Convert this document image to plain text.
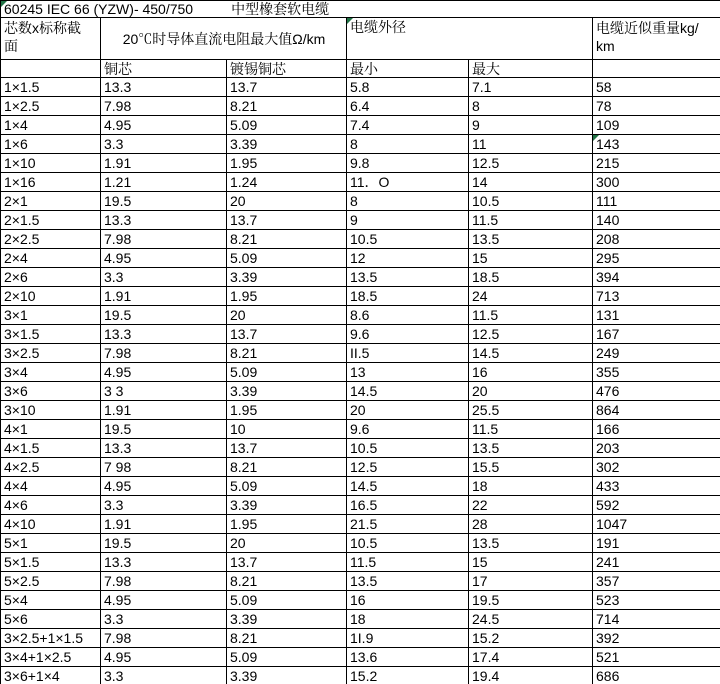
60245 IEC 66 (YZW)- 450/750 中型橡套软电缆					
芯数x标称截面	20℃时导体直流电阻最大值Ω/km		电缆外径		电缆近似重量kg/km
	铜芯	镀锡铜芯	最小	最大	
1×1.5	13.3	13.7	5.8	7.1	58
1×2.5	7.98	8.21	6.4	8	78
1×4	4.95	5.09	7.4	9	109
1×6	3.3	3.39	8	11	143
1×10	1.91	1.95	9.8	12.5	215
1×16	1.21	1.24	11．O	14	300
2×1	19.5	20	8	10.5	111
2×1.5	13.3	13.7	9	11.5	140
2×2.5	7.98	8.21	10.5	13.5	208
2×4	4.95	5.09	12	15	295
2×6	3.3	3.39	13.5	18.5	394
2×10	1.91	1.95	18.5	24	713
3×1	19.5	20	8.6	11.5	131
3×1.5	13.3	13.7	9.6	12.5	167
3×2.5	7.98	8.21	II.5	14.5	249
3×4	4.95	5.09	13	16	355
3×6	3 3	3.39	14.5	20	476
3×10	1.91	1.95	20	25.5	864
4×1	19.5	10	9.6	11.5	166
4×1.5	13.3	13.7	10.5	13.5	203
4×2.5	7 98	8.21	12.5	15.5	302
4×4	4.95	5.09	14.5	18	433
4×6	3.3	3.39	16.5	22	592
4×10	1.91	1.95	21.5	28	1047
5×1	19.5	20	10.5	13.5	191
5×1.5	13.3	13.7	11.5	15	241
5×2.5	7.98	8.21	13.5	17	357
5×4	4.95	5.09	16	19.5	523
5×6	3.3	3.39	18	24.5	714
3×2.5+1×1.5	7.98	8.21	1I.9	15.2	392
3×4+1×2.5	4.95	5.09	13.6	17.4	521
3×6+1×4	3.3	3.39	15.2	19.4	686
